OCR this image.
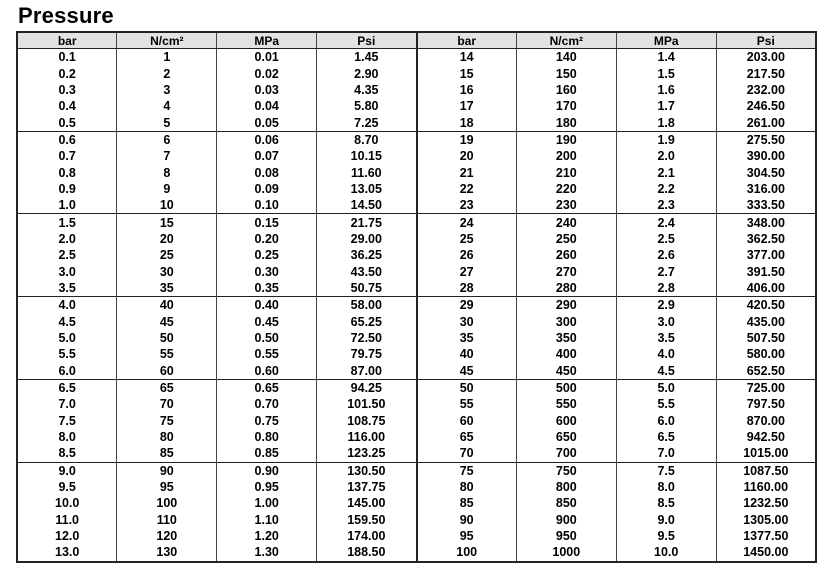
Pressure
bar	N/cm²	MPa	Psi	bar	N/cm²	MPa	Psi
0.1	1	0.01	1.45	14	140	1.4	203.00
0.2	2	0.02	2.90	15	150	1.5	217.50
0.3	3	0.03	4.35	16	160	1.6	232.00
0.4	4	0.04	5.80	17	170	1.7	246.50
0.5	5	0.05	7.25	18	180	1.8	261.00
0.6	6	0.06	8.70	19	190	1.9	275.50
0.7	7	0.07	10.15	20	200	2.0	390.00
0.8	8	0.08	11.60	21	210	2.1	304.50
0.9	9	0.09	13.05	22	220	2.2	316.00
1.0	10	0.10	14.50	23	230	2.3	333.50
1.5	15	0.15	21.75	24	240	2.4	348.00
2.0	20	0.20	29.00	25	250	2.5	362.50
2.5	25	0.25	36.25	26	260	2.6	377.00
3.0	30	0.30	43.50	27	270	2.7	391.50
3.5	35	0.35	50.75	28	280	2.8	406.00
4.0	40	0.40	58.00	29	290	2.9	420.50
4.5	45	0.45	65.25	30	300	3.0	435.00
5.0	50	0.50	72.50	35	350	3.5	507.50
5.5	55	0.55	79.75	40	400	4.0	580.00
6.0	60	0.60	87.00	45	450	4.5	652.50
6.5	65	0.65	94.25	50	500	5.0	725.00
7.0	70	0.70	101.50	55	550	5.5	797.50
7.5	75	0.75	108.75	60	600	6.0	870.00
8.0	80	0.80	116.00	65	650	6.5	942.50
8.5	85	0.85	123.25	70	700	7.0	1015.00
9.0	90	0.90	130.50	75	750	7.5	1087.50
9.5	95	0.95	137.75	80	800	8.0	1160.00
10.0	100	1.00	145.00	85	850	8.5	1232.50
11.0	110	1.10	159.50	90	900	9.0	1305.00
12.0	120	1.20	174.00	95	950	9.5	1377.50
13.0	130	1.30	188.50	100	1000	10.0	1450.00
